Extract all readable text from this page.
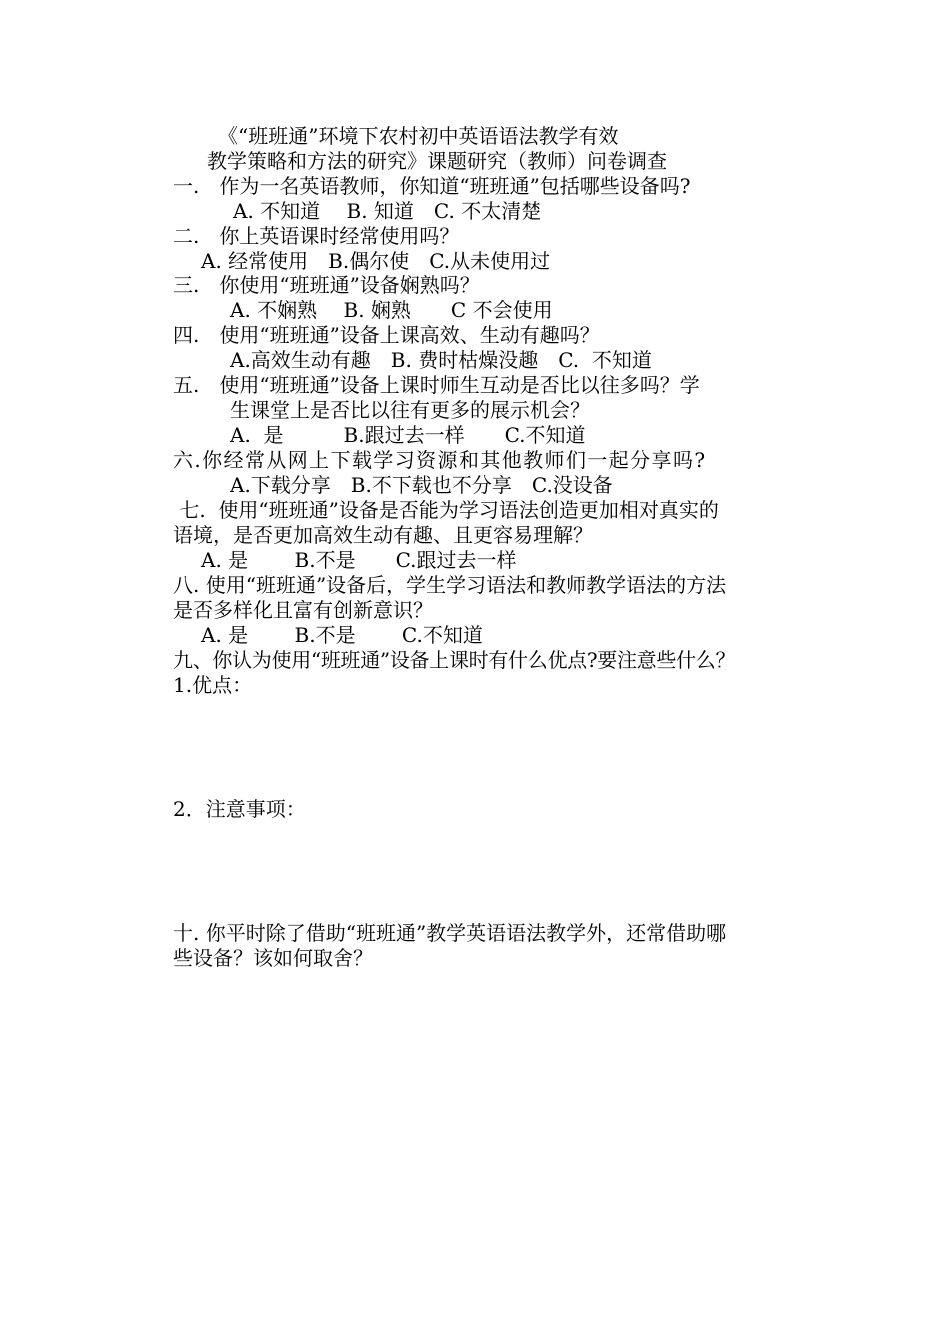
《“班班通”环境下农村初中英语语法教学有效
教学策略和方法的研究》课题研究（教师）问卷调查
一.　作为一名英语教师，你知道“班班通”包括哪些设备吗?
A. 不知道　 B. 知道　C. 不太清楚
二.　你上英语课时经常使用吗？
A. 经常使用　B.偶尔使　C.从未使用过
三.　你使用“班班通”设备娴熟吗？
A. 不娴熟　 B. 娴熟　　C 不会使用
四.　使用“班班通”设备上课高效、生动有趣吗？
A.高效生动有趣　B. 费时枯燥没趣　C.  不知道
五.　使用“班班通”设备上课时师生互动是否比以往多吗？学
生课堂上是否比以往有更多的展示机会？
A.  是　　　B.跟过去一样　　C.不知道
六.你经常从网上下载学习资源和其他教师们一起分享吗?
A.下载分享　B.不下载也不分享　C.没设备
七.  使用“班班通”设备是否能为学习语法创造更加相对真实的
语境，是否更加高效生动有趣、且更容易理解？
A. 是　　 B.不是　　C.跟过去一样
八. 使用“班班通”设备后，学生学习语法和教师教学语法的方法
是否多样化且富有创新意识？
A. 是　　 B.不是　　 C.不知道
九、你认为使用“班班通”设备上课时有什么优点?要注意些什么？
1.优点：
2．注意事项：
十. 你平时除了借助“班班通”教学英语语法教学外，还常借助哪
些设备？该如何取舍？
